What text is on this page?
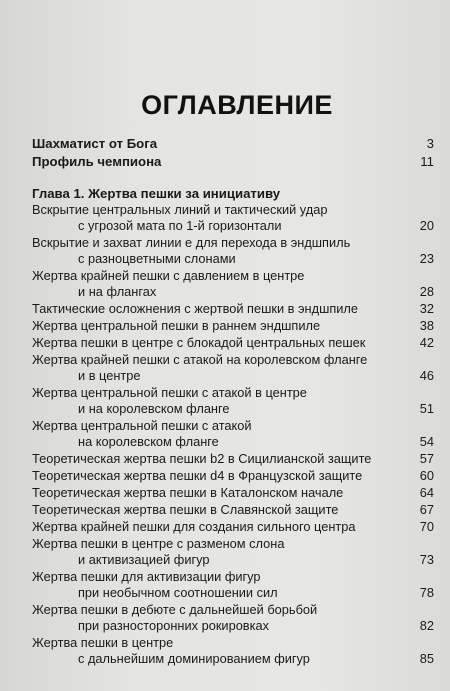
ОГЛАВЛЕНИЕ
Шахматист от Бога	3
Профиль чемпиона	11
Глава 1. Жертва пешки за инициативу
Вскрытие центральных линий и тактический удар
с угрозой мата по 1-й горизонтали	20
Вскрытие и захват линии e для перехода в эндшпиль
с разноцветными слонами	23
Жертва крайней пешки с давлением в центре
и на флангах	28
Тактические осложнения с жертвой пешки в эндшпиле	32
Жертва центральной пешки в раннем эндшпиле	38
Жертва пешки в центре с блокадой центральных пешек	42
Жертва крайней пешки с атакой на королевском фланге
и в центре	46
Жертва центральной пешки с атакой в центре
и на королевском фланге	51
Жертва центральной пешки с атакой
на королевском фланге	54
Теоретическая жертва пешки b2 в Сицилианской защите	57
Теоретическая жертва пешки d4 в Французской защите	60
Теоретическая жертва пешки в Каталонском начале	64
Теоретическая жертва пешки в Славянской защите	67
Жертва крайней пешки для создания сильного центра	70
Жертва пешки в центре с разменом слона
и активизацией фигур	73
Жертва пешки для активизации фигур
при необычном соотношении сил	78
Жертва пешки в дебюте с дальнейшей борьбой
при разносторонних рокировках	82
Жертва пешки в центре
с дальнейшим доминированием фигур	85
